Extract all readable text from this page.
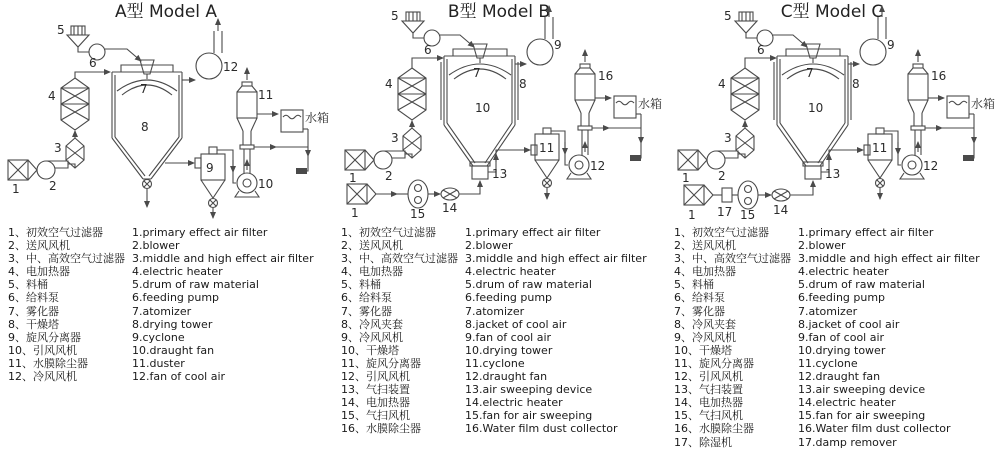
A型 Model A
1 2
3
4
5
6
7
8
9
10
11
12
水箱
1、初效空气过滤器
2、送风风机
3、中、高效空气过滤器
4、电加热器
5、料桶
6、给料泵
7、雾化器
8、干燥塔
9、旋风分离器
10、引风风机
11、水膜除尘器
12、冷风风机
1.primary effect air filter
2.blower
3.middle and high effect air filter
4.electric heater
5.drum of raw material
6.feeding pump
7.atomizer
8.drying tower
9.cyclone
10.draught fan
11.duster
12.fan of cool air
B型 Model B
1 2
3
4
5
6
7
8
9
10
11
12
13
14
15
16
1
水箱
1、初效空气过滤器
2、送风风机
3、中、高效空气过滤器
4、电加热器
5、料桶
6、给料泵
7、雾化器
8、冷风夹套
9、冷风风机
10、干燥塔
11、旋风分离器
12、引风风机
13、气扫装置
14、电加热器
15、气扫风机
16、水膜除尘器
1.primary effect air filter
2.blower
3.middle and high effect air filter
4.electric heater
5.drum of raw material
6.feeding pump
7.atomizer
8.jacket of cool air
9.fan of cool air
10.drying tower
11.cyclone
12.draught fan
13.air sweeping device
14.electric heater
15.fan for air sweeping
16.Water film dust collector
C型 Model C
1 2
3
4
5
6
7
8
9
10
11
12
13
14
15
16
17
1
水箱
1、初效空气过滤器
2、送风风机
3、中、高效空气过滤器
4、电加热器
5、料桶
6、给料泵
7、雾化器
8、冷风夹套
9、冷风风机
10、干燥塔
11、旋风分离器
12、引风风机
13、气扫装置
14、电加热器
15、气扫风机
16、水膜除尘器
17、除湿机
1.primary effect air filter
2.blower
3.middle and high effect air filter
4.electric heater
5.drum of raw material
6.feeding pump
7.atomizer
8.jacket of cool air
9.fan of cool air
10.drying tower
11.cyclone
12.draught fan
13.air sweeping device
14.electric heater
15.fan for air sweeping
16.Water film dust collector
17.damp remover
